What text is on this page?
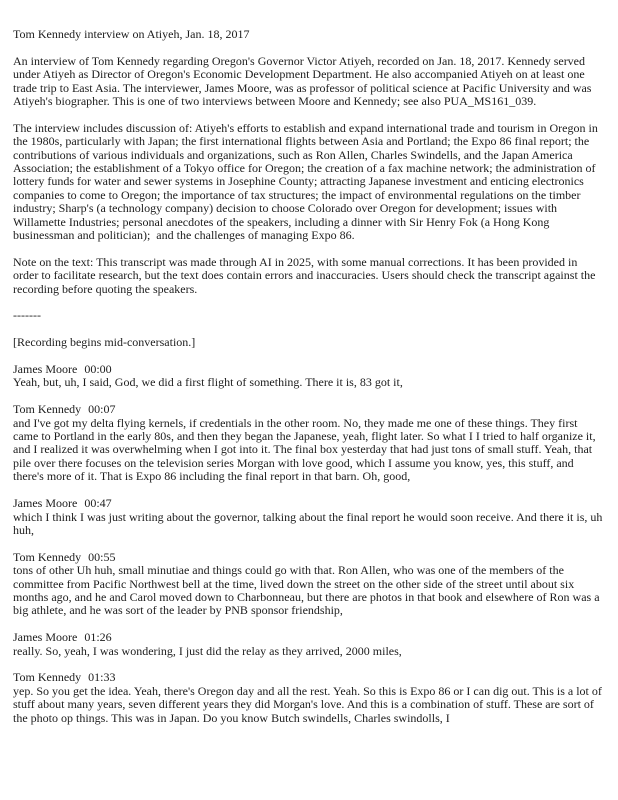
Tom Kennedy interview on Atiyeh, Jan. 18, 2017

An interview of Tom Kennedy regarding Oregon's Governor Victor Atiyeh, recorded on Jan. 18, 2017. Kennedy served under Atiyeh as Director of Oregon's Economic Development Department. He also accompanied Atiyeh on at least one trade trip to East Asia. The interviewer, James Moore, was as professor of political science at Pacific University and was Atiyeh's biographer. This is one of two interviews between Moore and Kennedy; see also PUA_MS161_039.

The interview includes discussion of: Atiyeh's efforts to establish and expand international trade and tourism in Oregon in the 1980s, particularly with Japan; the first international flights between Asia and Portland; the Expo 86 final report; the contributions of various individuals and organizations, such as Ron Allen, Charles Swindells, and the Japan America Association; the establishment of a Tokyo office for Oregon; the creation of a fax machine network; the administration of lottery funds for water and sewer systems in Josephine County; attracting Japanese investment and enticing electronics companies to come to Oregon; the importance of tax structures; the impact of environmental regulations on the timber industry; Sharp's (a technology company) decision to choose Colorado over Oregon for development; issues with Willamette Industries; personal anecdotes of the speakers, including a dinner with Sir Henry Fok (a Hong Kong businessman and politician);  and the challenges of managing Expo 86.

Note on the text: This transcript was made through AI in 2025, with some manual corrections. It has been provided in order to facilitate research, but the text does contain errors and inaccuracies. Users should check the transcript against the recording before quoting the speakers.

-------

[Recording begins mid-conversation.]

James Moore 00:00
Yeah, but, uh, I said, God, we did a first flight of something. There it is, 83 got it,
Tom Kennedy 00:07
and I've got my delta flying kernels, if credentials in the other room. No, they made me one of these things. They first came to Portland in the early 80s, and then they began the Japanese, yeah, flight later. So what I I tried to half organize it, and I realized it was overwhelming when I got into it. The final box yesterday that had just tons of small stuff. Yeah, that pile over there focuses on the television series Morgan with love good, which I assume you know, yes, this stuff, and there's more of it. That is Expo 86 including the final report in that barn. Oh, good,
James Moore 00:47
which I think I was just writing about the governor, talking about the final report he would soon receive. And there it is, uh huh,
Tom Kennedy 00:55
tons of other Uh huh, small minutiae and things could go with that. Ron Allen, who was one of the members of the committee from Pacific Northwest bell at the time, lived down the street on the other side of the street until about six months ago, and he and Carol moved down to Charbonneau, but there are photos in that book and elsewhere of Ron was a big athlete, and he was sort of the leader by PNB sponsor friendship,
James Moore 01:26
really. So, yeah, I was wondering, I just did the relay as they arrived, 2000 miles,
Tom Kennedy 01:33
yep. So you get the idea. Yeah, there's Oregon day and all the rest. Yeah. So this is Expo 86 or I can dig out. This is a lot of stuff about many years, seven different years they did Morgan's love. And this is a combination of stuff. These are sort of the photo op things. This was in Japan. Do you know Butch swindells, Charles swindolls, I
